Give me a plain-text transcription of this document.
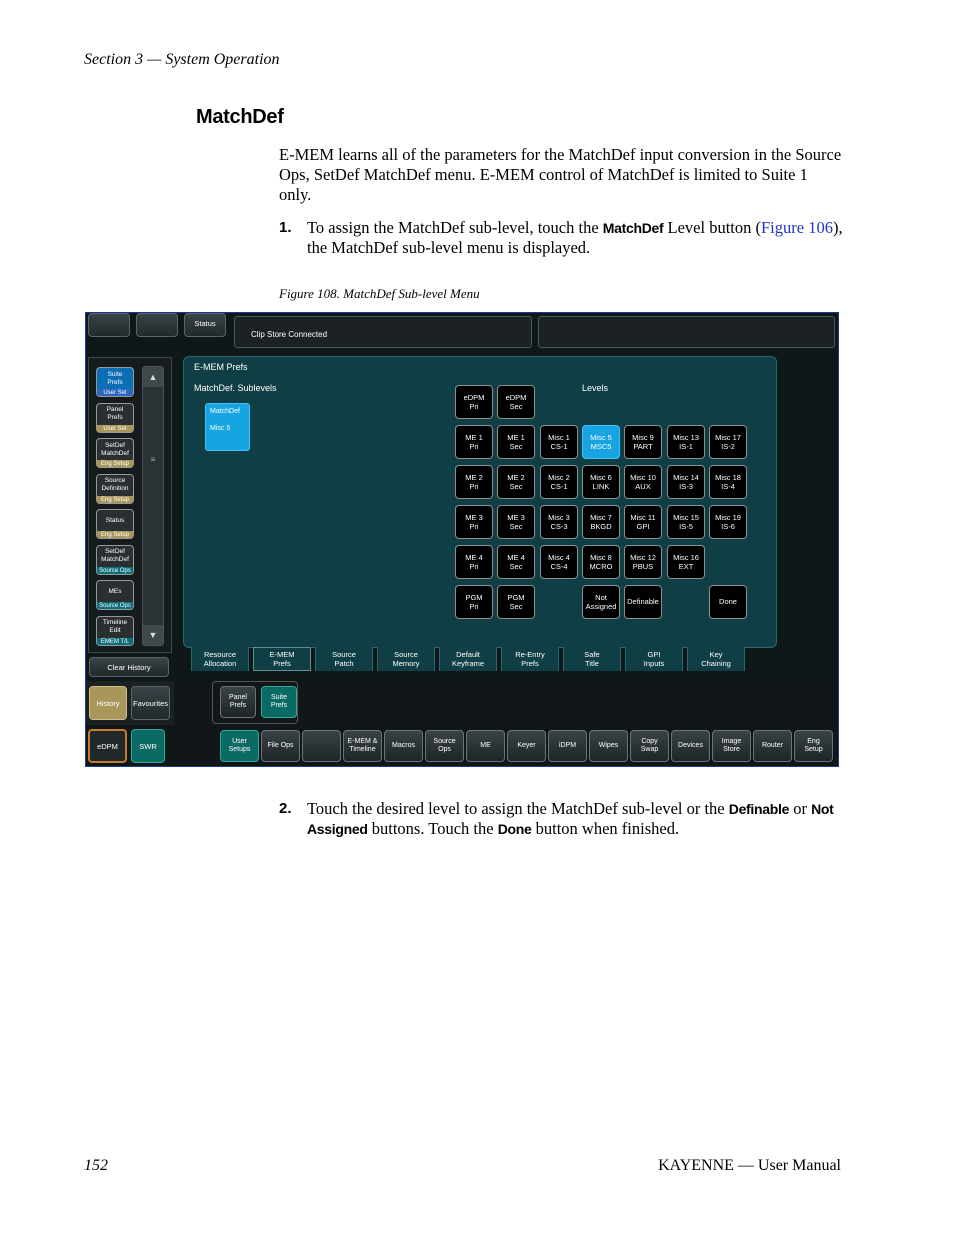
Section 3 — System Operation
MatchDef
E-MEM learns all of the parameters for the MatchDef input conversion in the Source Ops, SetDef MatchDef menu. E-MEM control of MatchDef is limited to Suite 1 only.
1. To assign the MatchDef sub-level, touch the MatchDef Level button (Figure 106), the MatchDef sub-level menu is displayed.
Figure 108. MatchDef Sub-level Menu
Status
Clip Store Connected
Suite
Prefs
User Set
Panel
Prefs
User Set
SetDef
MatchDef
Eng Setup
Source
Definition
Eng Setup
Status
Eng Setup
SetDef
MatchDef
Source Ops
MEs
Source Ops
Timeline
Edit
EMEM T/L
▲
≡
▼
Clear History
History Favourites
eDPM	SWR
E-MEM Prefs
MatchDef. Sublevels	Levels
MatchDef
Misc 5
eDPM
Pri
eDPM
Sec
ME 1
Pri
ME 1
Sec
Misc 1
CS-1
Misc 5
MSC5
Misc 9
PART
Misc 13
IS-1
Misc 17
IS-2
ME 2
Pri
ME 2
Sec
Misc 2
CS-1
Misc 6
LINK
Misc 10
AUX
Misc 14
IS-3
Misc 18
IS-4
ME 3
Pri
ME 3
Sec
Misc 3
CS-3
Misc 7
BKGD
Misc 11
GPI
Misc 15
IS-5
Misc 19
IS-6
ME 4
Pri
ME 4
Sec
Misc 4
CS-4
Misc 8
MCRO
Misc 12
PBUS
Misc 16
EXT
PGM
Pri
PGM
Sec
Not
Assigned
Definable	Done
Resource
Allocation
E-MEM
Prefs
Source
Patch
Source
Memory
Default
Keyframe
Re-Entry
Prefs
Safe
Title
GPI
Inputs
Key
Chaining
Panel
Prefs
Suite
Prefs
User
Setups
File Ops
E-MEM &
Timeline
Macros
Source
Ops
ME	Keyer	iDPM	Wipes
Copy
Swap
Devices
Image
Store
Router
Eng
Setup
2. Touch the desired level to assign the MatchDef sub-level or the Definable or Not Assigned buttons. Touch the Done button when finished.
152	KAYENNE — User Manual
